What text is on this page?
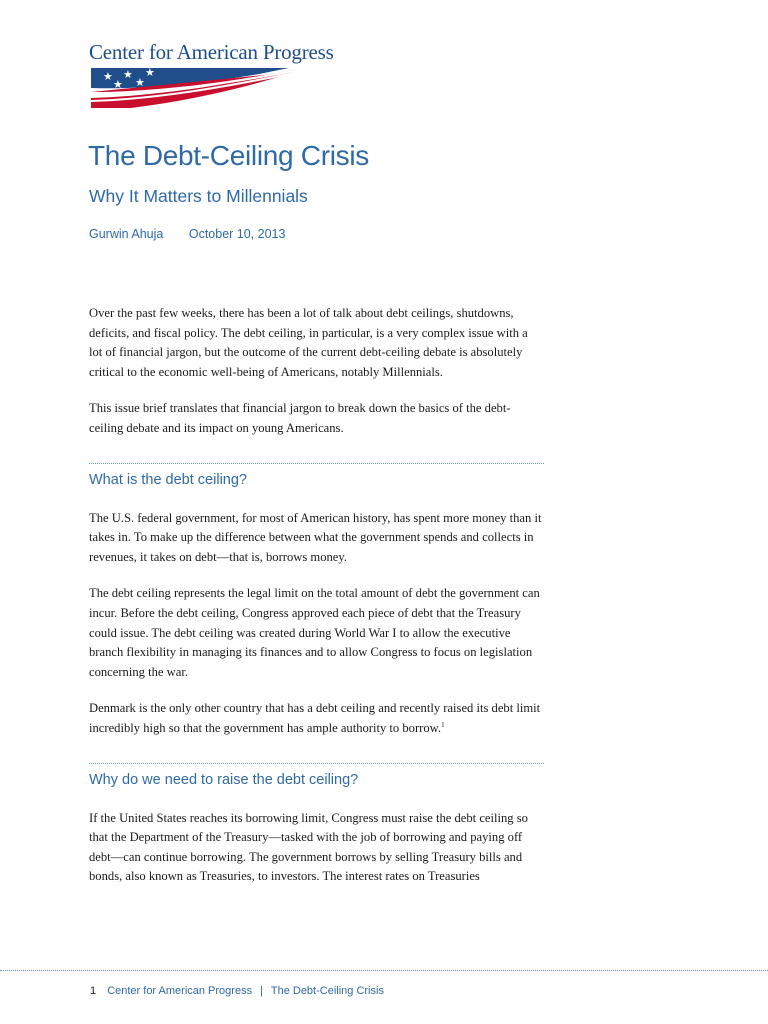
Center for American Progress
★ ★ ★
★ ★
The Debt-Ceiling Crisis
Why It Matters to Millennials
Gurwin Ahuja October 10, 2013

Over the past few weeks, there has been a lot of talk about debt ceilings, shutdowns, deficits, and fiscal policy. The debt ceiling, in particular, is a very complex issue with a lot of financial jargon, but the outcome of the current debt-ceiling debate is absolutely critical to the economic well-being of Americans, notably Millennials.

This issue brief translates that financial jargon to break down the basics of the debt-ceiling debate and its impact on young Americans.

What is the debt ceiling?

The U.S. federal government, for most of American history, has spent more money than it takes in. To make up the difference between what the government spends and collects in revenues, it takes on debt—that is, borrows money.

The debt ceiling represents the legal limit on the total amount of debt the government can incur. Before the debt ceiling, Congress approved each piece of debt that the Treasury could issue. The debt ceiling was created during World War I to allow the executive branch flexibility in managing its finances and to allow Congress to focus on legislation concerning the war.

Denmark is the only other country that has a debt ceiling and recently raised its debt limit incredibly high so that the government has ample authority to borrow.$^1$

Why do we need to raise the debt ceiling?

If the United States reaches its borrowing limit, Congress must raise the debt ceiling so that the Department of the Treasury—tasked with the job of borrowing and paying off debt—can continue borrowing. The government borrows by selling Treasury bills and bonds, also known as Treasuries, to investors. The interest rates on Treasuries

1 Center for American Progress | The Debt-Ceiling Crisis
